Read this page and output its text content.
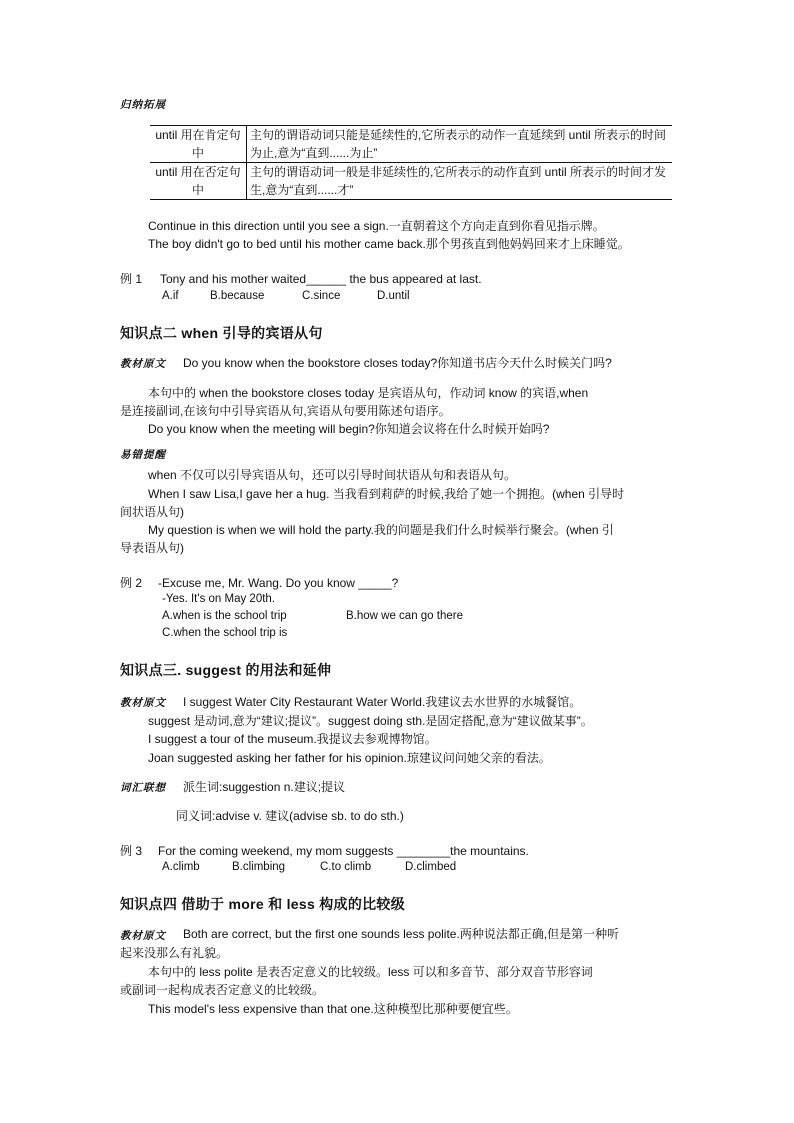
归纳拓展
until 用在肯定句中	主句的谓语动词只能是延续性的,它所表示的动作一直延续到 until 所表示的时间为止,意为“直到......为止”
until 用在否定句中	主句的谓语动词一般是非延续性的,它所表示的动作直到 until 所表示的时间才发生,意为“直到......才”
Continue in this direction until you see a sign.一直朝着这个方向走直到你看见指示牌。
The boy didn't go to bed until his mother came back.那个男孩直到他妈妈回来才上床睡觉。
例 1 Tony and his mother waited______ the bus appeared at last.
A.if	B.because	C.since	D.until
知识点二 when 引导的宾语从句
教材原文 Do you know when the bookstore closes today?你知道书店今天什么时候关门吗?
本句中的 when the bookstore closes today 是宾语从句，作动词 know 的宾语,when
是连接副词,在该句中引导宾语从句,宾语从句要用陈述句语序。
Do you know when the meeting will begin?你知道会议将在什么时候开始吗?
易错提醒
when 不仅可以引导宾语从句，还可以引导时间状语从句和表语从句。
When I saw Lisa,I gave her a hug. 当我看到莉萨的时候,我给了她一个拥抱。(when 引导时
间状语从句)
My question is when we will hold the party.我的问题是我们什么时候举行聚会。(when 引
导表语从句)
例 2 -Excuse me, Mr. Wang. Do you know _____?
-Yes. It's on May 20th.
A.when is the school trip	B.how we can go there
C.when the school trip is
知识点三. suggest 的用法和延伸
教材原文 I suggest Water City Restaurant Water World.我建议去水世界的水城餐馆。
suggest 是动词,意为“建议;提议”。suggest doing sth.是固定搭配,意为“建议做某事”。
I suggest a tour of the museum.我提议去参观博物馆。
Joan suggested asking her father for his opinion.琼建议问问她父亲的看法。
词汇联想 派生词:suggestion n.建议;提议
同义词:advise v. 建议(advise sb. to do sth.)
例 3 For the coming weekend, my mom suggests ________the mountains.
A.climb	B.climbing	C.to climb	D.climbed
知识点四 借助于 more 和 less 构成的比较级
教材原文 Both are correct, but the first one sounds less polite.两种说法都正确,但是第一种听
起来没那么有礼貌。
本句中的 less polite 是表否定意义的比较级。less 可以和多音节、部分双音节形容词
或副词一起构成表否定意义的比较级。
This model's less expensive than that one.这种模型比那种要便宜些。
